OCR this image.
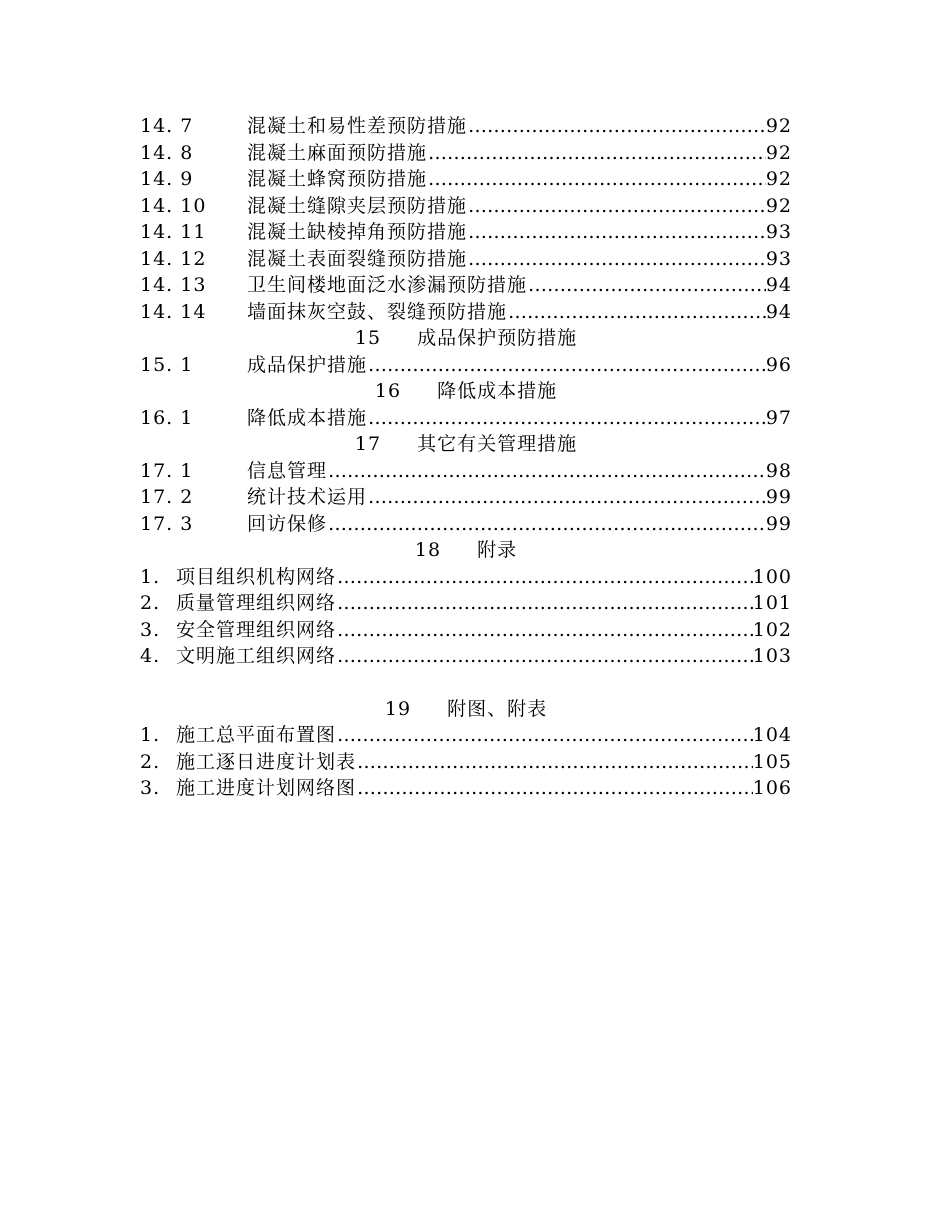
14. 7	混凝土和易性差预防措施 …………………………………………………………………………………………	92
14. 8	混凝土麻面预防措施 …………………………………………………………………………………………	92
14. 9	混凝土蜂窝预防措施 …………………………………………………………………………………………	92
14. 10	混凝土缝隙夹层预防措施 …………………………………………………………………………………………	92
14. 11	混凝土缺棱掉角预防措施 …………………………………………………………………………………………	93
14. 12	混凝土表面裂缝预防措施 …………………………………………………………………………………………	93
14. 13	卫生间楼地面泛水渗漏预防措施 …………………………………………………………………………………………	94
14. 14	墙面抹灰空鼓、裂缝预防措施 …………………………………………………………………………………………	94
15 成品保护预防措施
15. 1	成品保护措施 …………………………………………………………………………………………	96
16 降低成本措施
16. 1	降低成本措施 …………………………………………………………………………………………	97
17 其它有关管理措施
17. 1	信息管理 …………………………………………………………………………………………	98
17. 2	统计技术运用 …………………………………………………………………………………………	99
17. 3	回访保修 …………………………………………………………………………………………	99
18 附录
1. 项目组织机构网络 …………………………………………………………………………………………	100
2. 质量管理组织网络 …………………………………………………………………………………………	101
3. 安全管理组织网络 …………………………………………………………………………………………	102
4. 文明施工组织网络 …………………………………………………………………………………………	103
19 附图、附表
1. 施工总平面布置图 …………………………………………………………………………………………	104
2. 施工逐日进度计划表 …………………………………………………………………………………………	105
3. 施工进度计划网络图 …………………………………………………………………………………………	106
